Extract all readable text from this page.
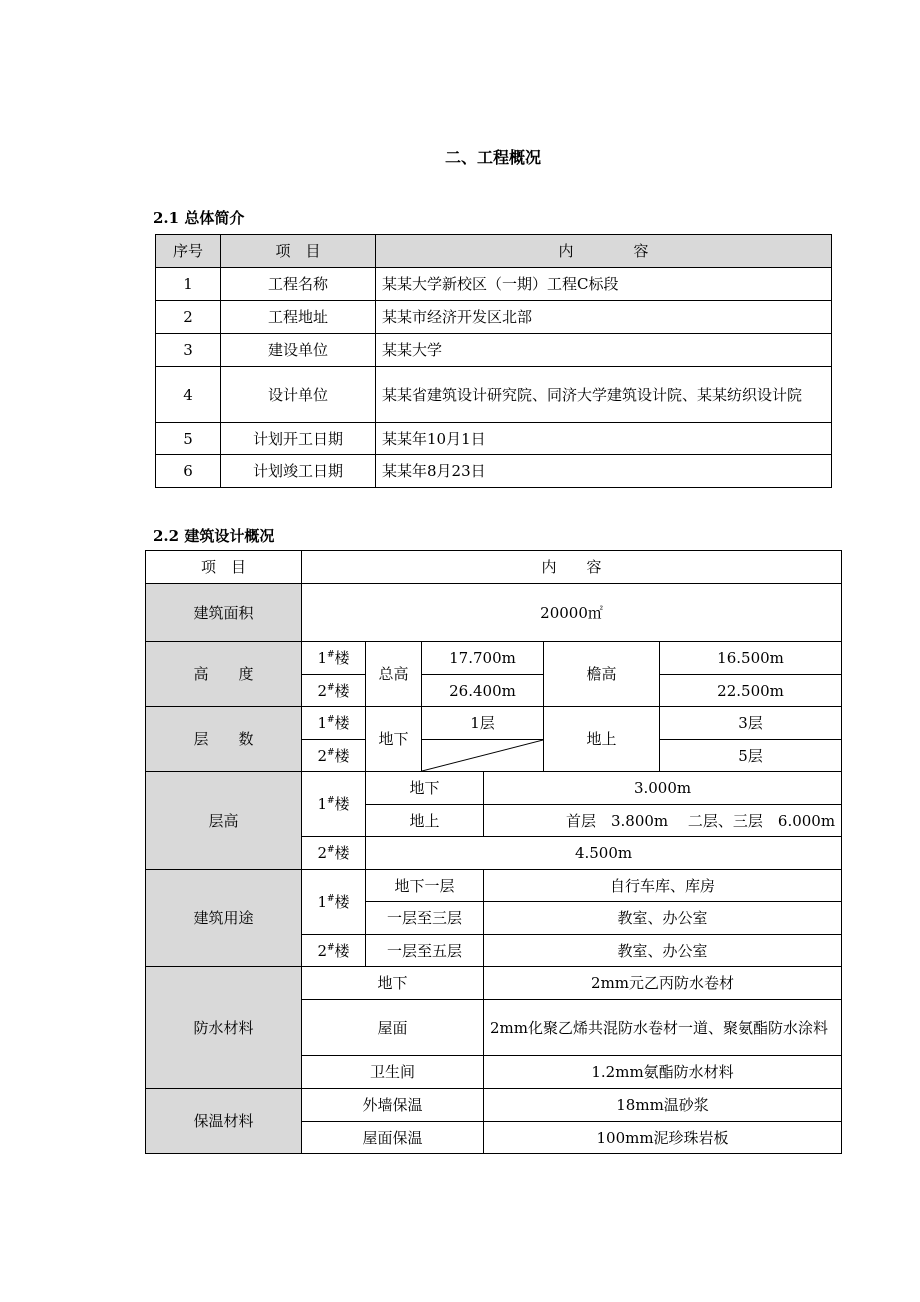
二、工程概况
2.1 总体简介
序号	项　目	内　　　　容
1	工程名称	某某大学新校区（一期）工程C标段
2	工程地址	某某市经济开发区北部
3	建设单位	某某大学
4	设计单位	某某省建筑设计研究院、同济大学建筑设计院、某某纺织设计院
5	计划开工日期	某某年10月1日
6	计划竣工日期	某某年8月23日
2.2 建筑设计概况
项　目	内　　容					
建筑面积	20000㎡					
高　　度	1#楼	总高	17.700m		檐高	16.500m
	2#楼		26.400m			22.500m
层　　数	1#楼	地下	1层		地上	3层
	2#楼					5层
层高	1#楼	地下		3.000m		
		地上		首层　3.800m　 二层、三层　6.000m		
	2#楼	4.500m				
建筑用途	1#楼	地下一层		自行车库、库房		
		一层至三层		教室、办公室		
	2#楼	一层至五层		教室、办公室		
防水材料	地下			2mm元乙丙防水卷材		
	屋面			2mm化聚乙烯共混防水卷材一道、聚氨酯防水涂料		
	卫生间			1.2mm氨酯防水材料		
保温材料	外墙保温			18mm温砂浆		
	屋面保温			100mm泥珍珠岩板		
